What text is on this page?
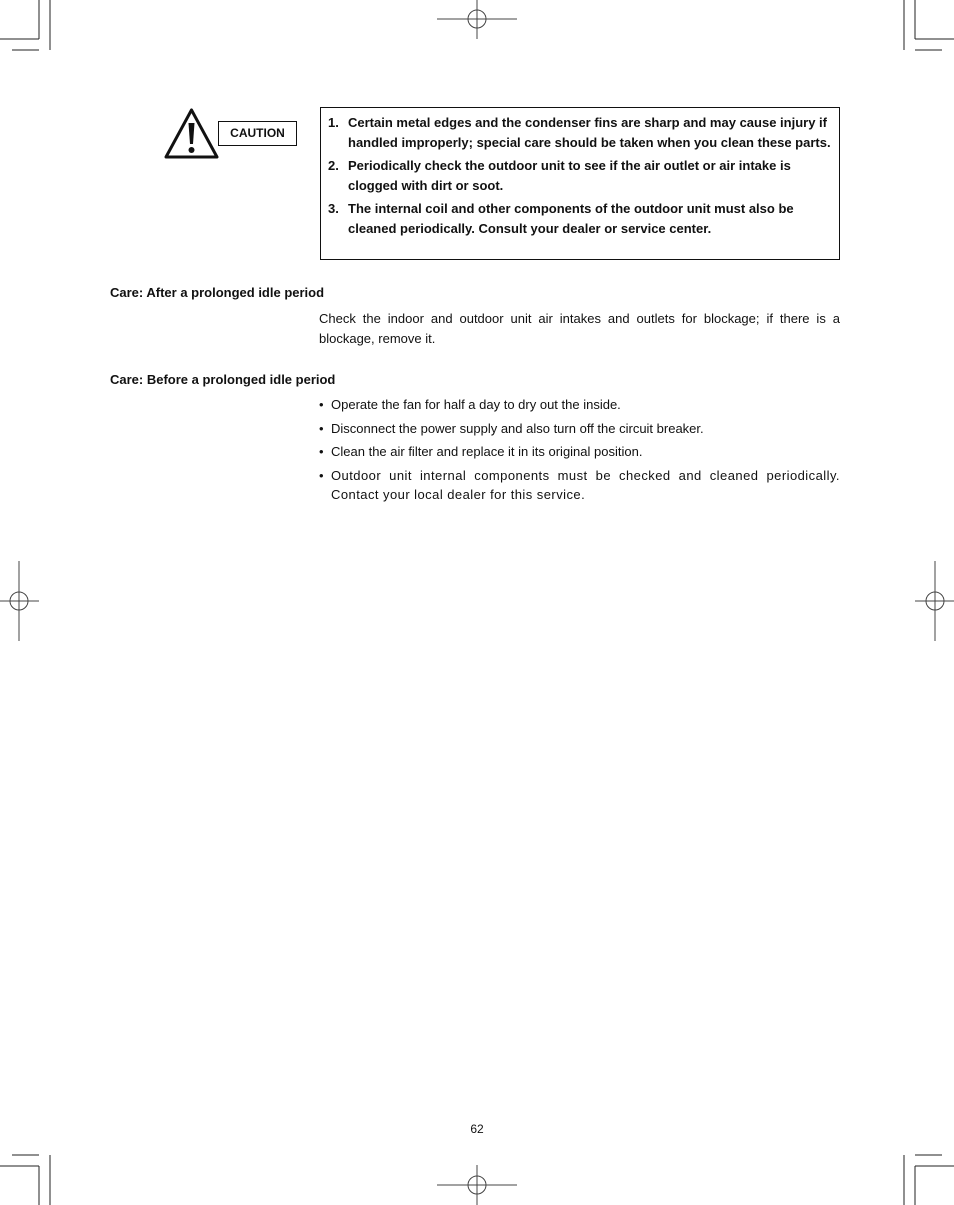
CAUTION
1. Certain metal edges and the condenser fins are sharp and may cause injury if handled improperly; special care should be taken when you clean these parts.
2. Periodically check the outdoor unit to see if the air outlet or air intake is clogged with dirt or soot.
3. The internal coil and other components of the outdoor unit must also be cleaned periodically. Consult your dealer or service center.
Care: After a prolonged idle period
Check the indoor and outdoor unit air intakes and outlets for blockage; if there is a blockage, remove it.
Care: Before a prolonged idle period
• Operate the fan for half a day to dry out the inside.
• Disconnect the power supply and also turn off the circuit breaker.
• Clean the air filter and replace it in its original position.
• Outdoor unit internal components must be checked and cleaned periodically. Contact your local dealer for this service.
62
